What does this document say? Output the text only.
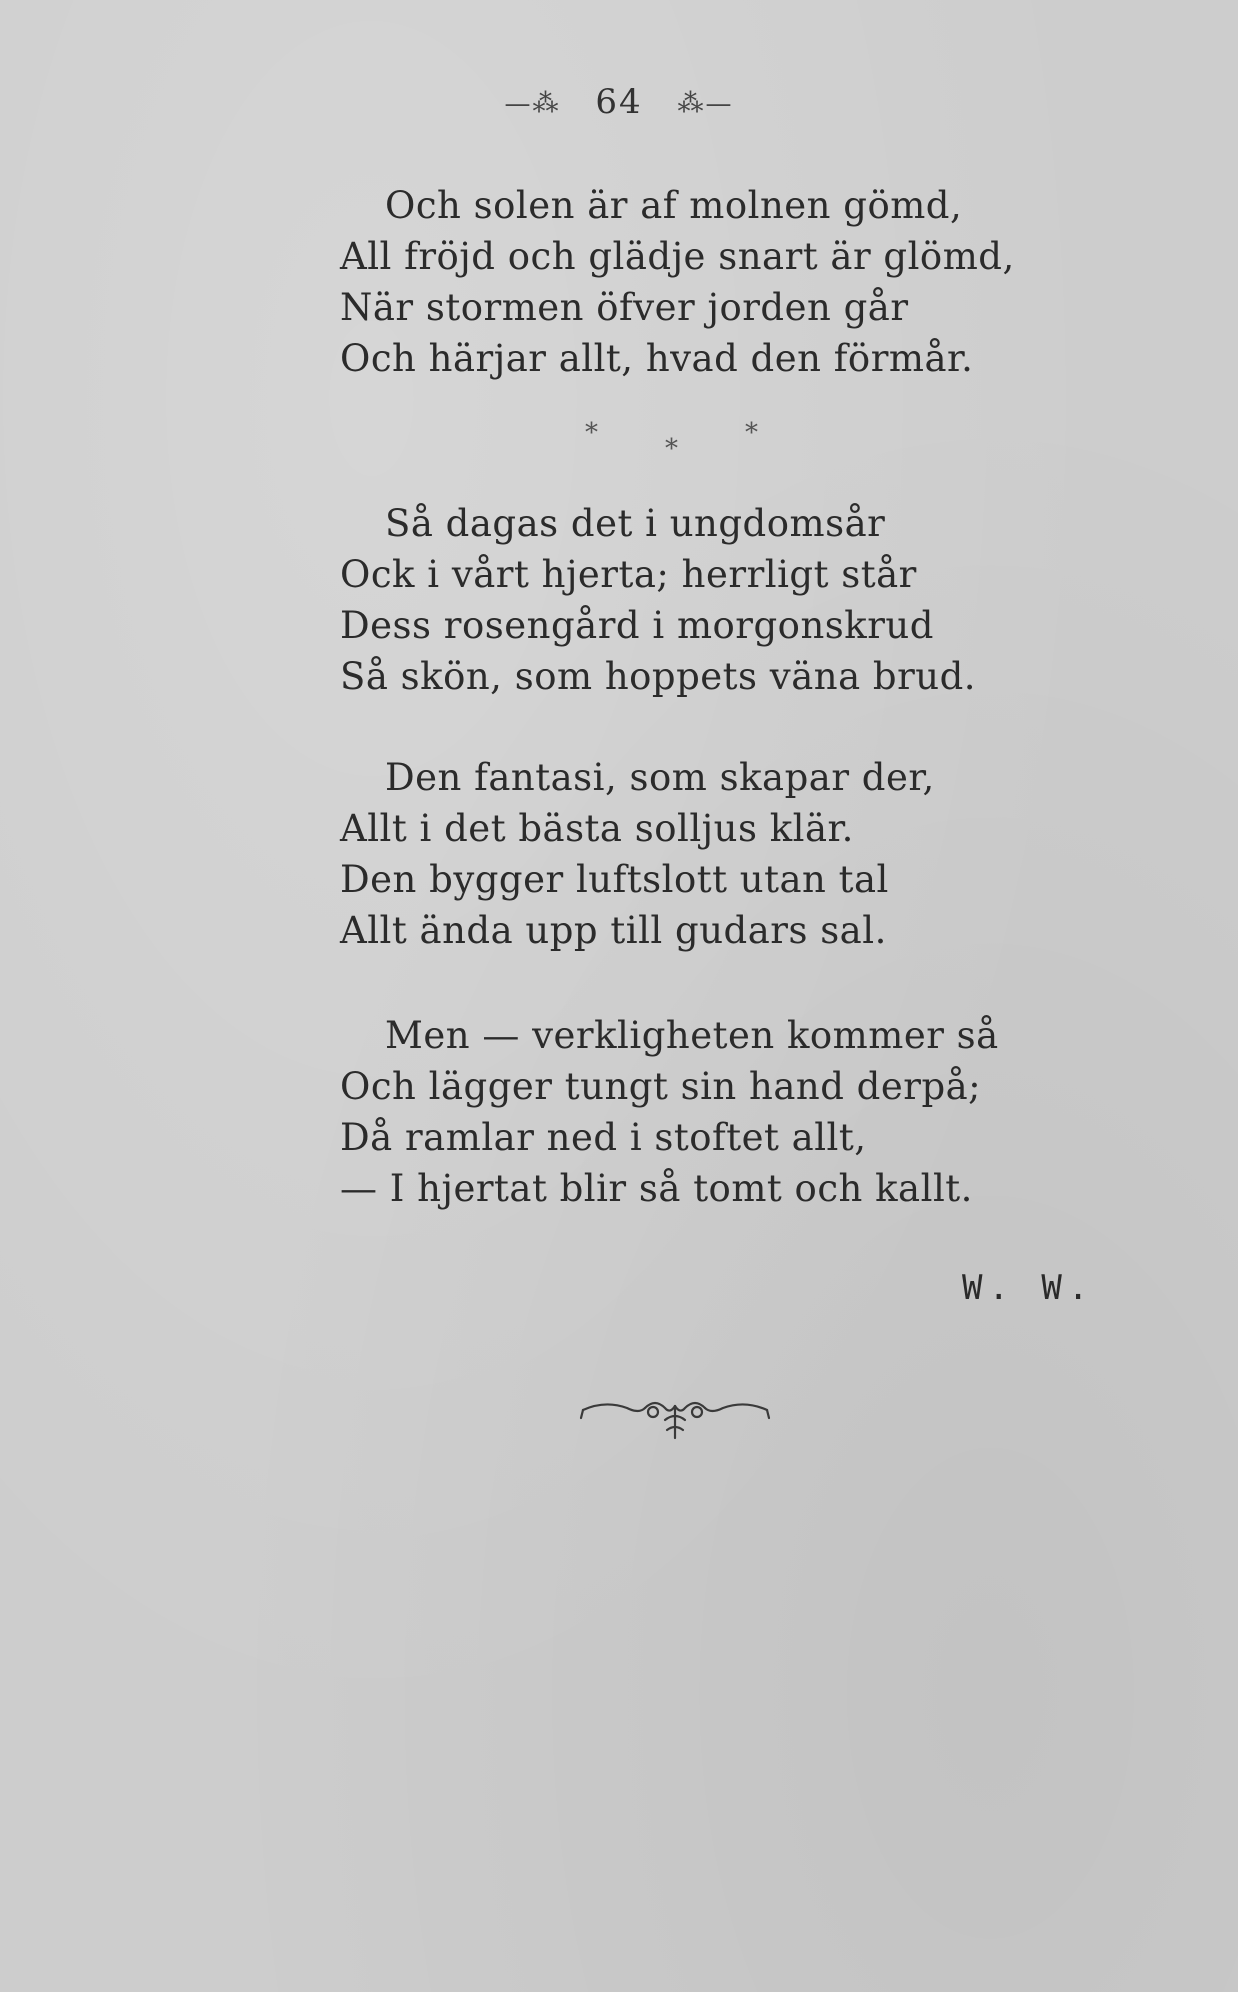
—⁂ 64 ⁂—
Och solen är af molnen gömd,
All fröjd och glädje snart är glömd,
När stormen öfver jorden går
Och härjar allt, hvad den förmår.
*
*
*
Så dagas det i ungdomsår
Ock i vårt hjerta; herrligt står
Dess rosengård i morgonskrud
Så skön, som hoppets väna brud.
Den fantasi, som skapar der,
Allt i det bästa solljus klär.
Den bygger luftslott utan tal
Allt ända upp till gudars sal.
Men — verkligheten kommer så
Och lägger tungt sin hand derpå;
Då ramlar ned i stoftet allt,
— I hjertat blir så tomt och kallt.
W. W.
